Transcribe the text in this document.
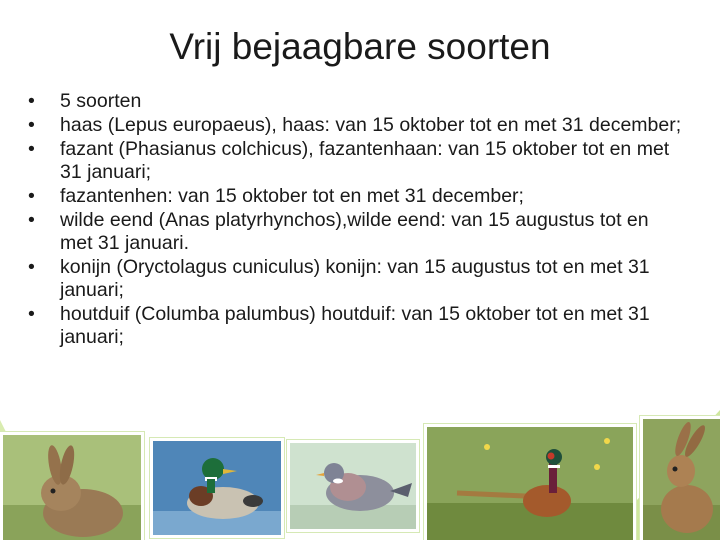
Vrij bejaagbare soorten
• 5 soorten
• haas (Lepus europaeus), haas: van 15 oktober tot en met 31 december;
• fazant (Phasianus colchicus), fazantenhaan: van 15 oktober tot en met 31 januari;
• fazantenhen: van 15 oktober tot en met 31 december;
• wilde eend (Anas platyrhynchos),wilde eend: van 15 augustus tot en met 31 januari.
• konijn (Oryctolagus cuniculus) konijn: van 15 augustus tot en met 31 januari;
• houtduif (Columba palumbus) houtduif: van 15 oktober tot en met 31 januari;
